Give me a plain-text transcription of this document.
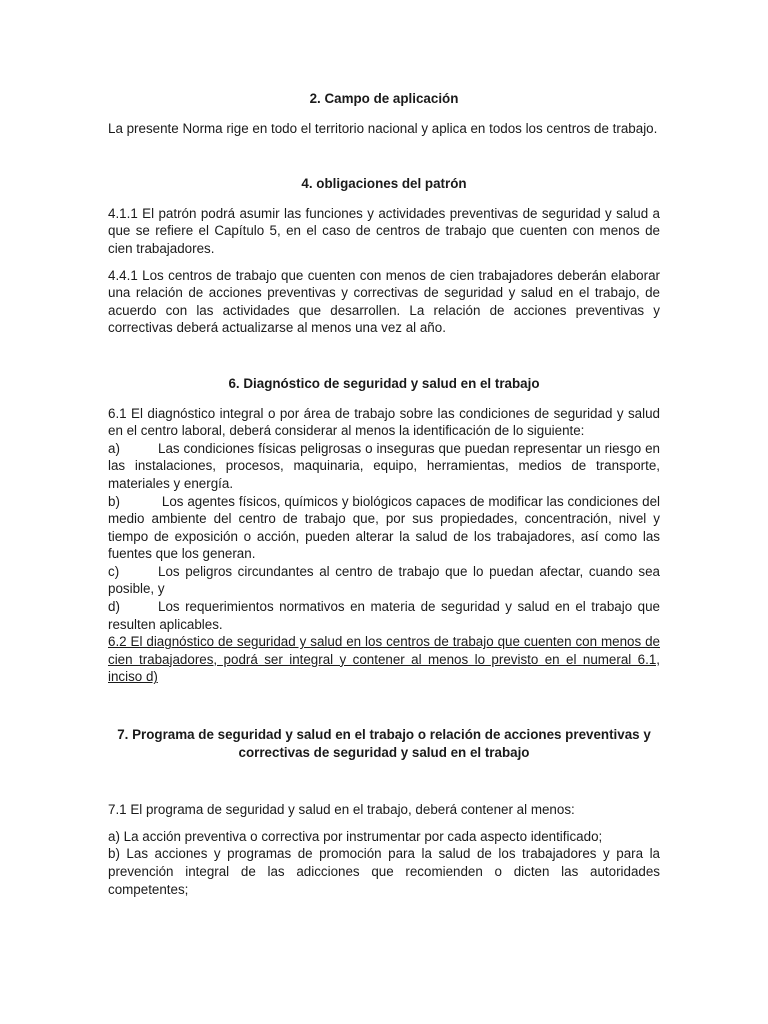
2. Campo de aplicación

La presente Norma rige en todo el territorio nacional y aplica en todos los centros de trabajo.

4. obligaciones del patrón

4.1.1 El patrón podrá asumir las funciones y actividades preventivas de seguridad y salud a que se refiere el Capítulo 5, en el caso de centros de trabajo que cuenten con menos de cien trabajadores.

4.4.1 Los centros de trabajo que cuenten con menos de cien trabajadores deberán elaborar una relación de acciones preventivas y correctivas de seguridad y salud en el trabajo, de acuerdo con las actividades que desarrollen. La relación de acciones preventivas y correctivas deberá actualizarse al menos una vez al año.

6. Diagnóstico de seguridad y salud en el trabajo

6.1 El diagnóstico integral o por área de trabajo sobre las condiciones de seguridad y salud en el centro laboral, deberá considerar al menos la identificación de lo siguiente:

a)	Las condiciones físicas peligrosas o inseguras que puedan representar un riesgo en las instalaciones, procesos, maquinaria, equipo, herramientas, medios de transporte, materiales y energía.

b)	Los agentes físicos, químicos y biológicos capaces de modificar las condiciones del medio ambiente del centro de trabajo que, por sus propiedades, concentración, nivel y tiempo de exposición o acción, pueden alterar la salud de los trabajadores, así como las fuentes que los generan.

c)	Los peligros circundantes al centro de trabajo que lo puedan afectar, cuando sea posible, y

d)	Los requerimientos normativos en materia de seguridad y salud en el trabajo que resulten aplicables.

6.2 El diagnóstico de seguridad y salud en los centros de trabajo que cuenten con menos de cien trabajadores, podrá ser integral y contener al menos lo previsto en el numeral 6.1, inciso d)

7. Programa de seguridad y salud en el trabajo o relación de acciones preventivas y correctivas de seguridad y salud en el trabajo

7.1 El programa de seguridad y salud en el trabajo, deberá contener al menos:

a) La acción preventiva o correctiva por instrumentar por cada aspecto identificado;

b) Las acciones y programas de promoción para la salud de los trabajadores y para la prevención integral de las adicciones que recomienden o dicten las autoridades competentes;
